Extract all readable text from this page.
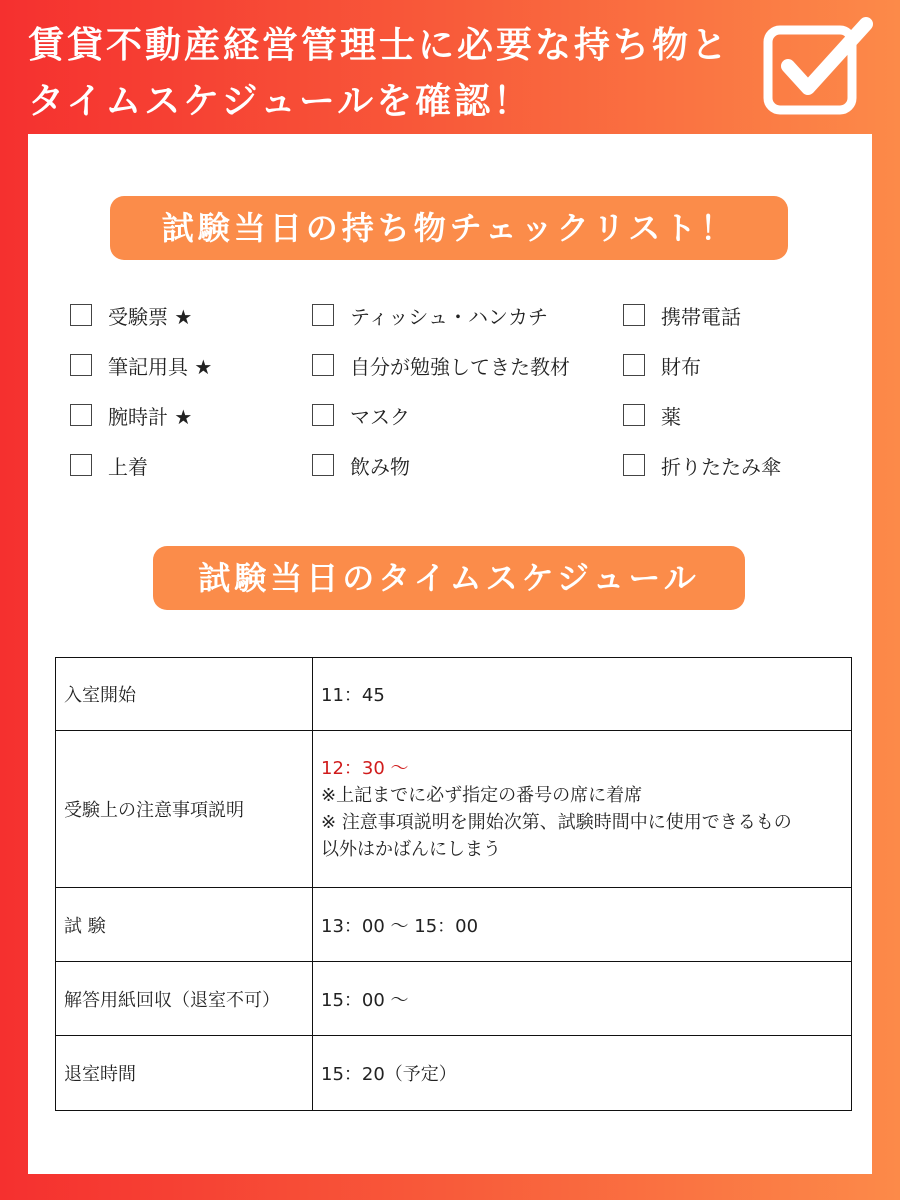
賃貸不動産経営管理士に必要な持ち物と
タイムスケジュールを確認！
試験当日の持ち物チェックリスト！
受験票 ★
筆記用具 ★
腕時計 ★
上着
ティッシュ・ハンカチ
自分が勉強してきた教材
マスク
飲み物
携帯電話
財布
薬
折りたたみ傘
試験当日のタイムスケジュール
入室開始	11：45
受験上の注意事項説明	12：30 〜
※上記までに必ず指定の番号の席に着席
※ 注意事項説明を開始次第、試験時間中に使用できるもの
以外はかばんにしまう

試 験	13：00 〜 15：00
解答用紙回収（退室不可）	15：00 〜
退室時間	15：20（予定）
